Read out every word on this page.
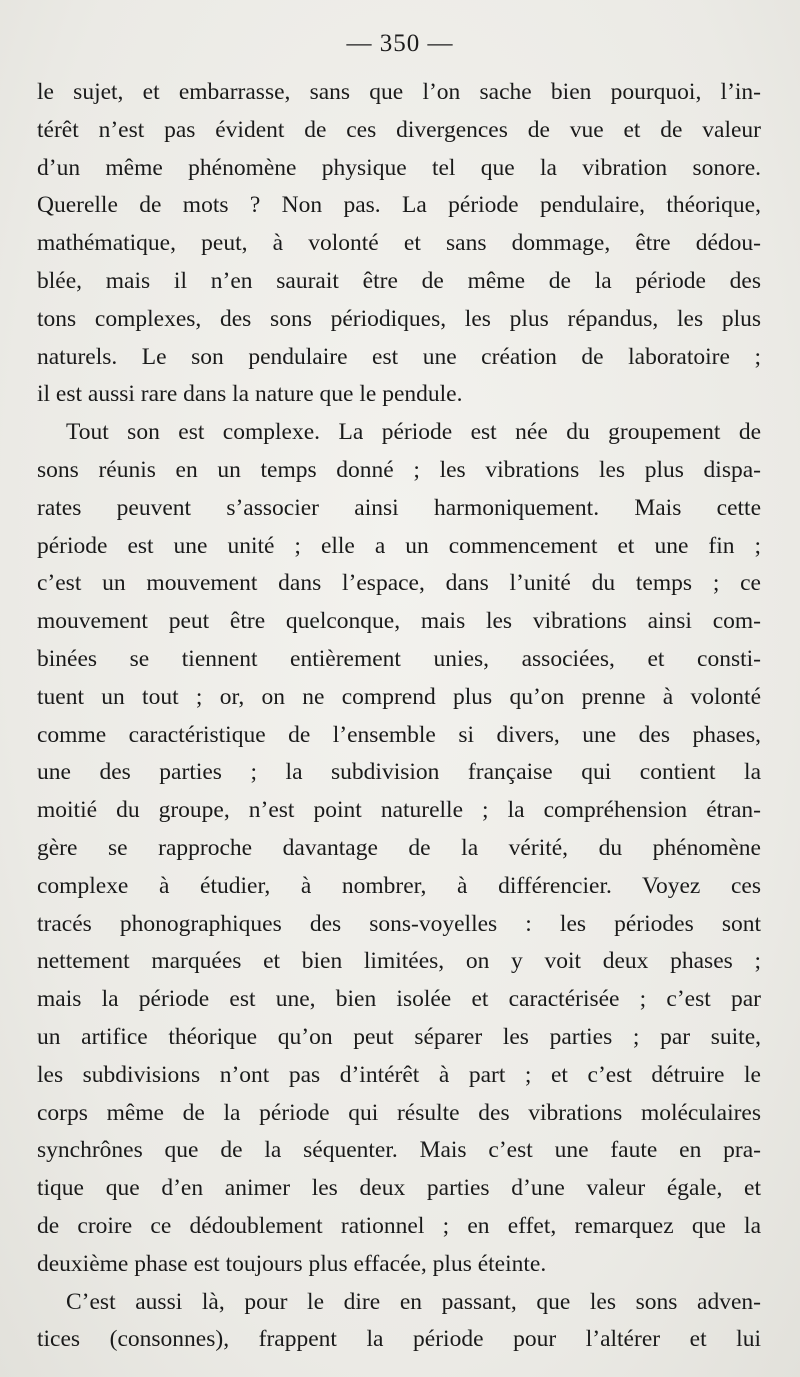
— 350 —
le sujet, et embarrasse, sans que l’on sache bien pourquoi, l’in-
térêt n’est pas évident de ces divergences de vue et de valeur
d’un même phénomène physique tel que la vibration sonore.
Querelle de mots ? Non pas. La période pendulaire, théorique,
mathématique, peut, à volonté et sans dommage, être dédou-
blée, mais il n’en saurait être de même de la période des
tons complexes, des sons périodiques, les plus répandus, les plus
naturels. Le son pendulaire est une création de laboratoire ;
il est aussi rare dans la nature que le pendule.
Tout son est complexe. La période est née du groupement de
sons réunis en un temps donné ; les vibrations les plus dispa-
rates peuvent s’associer ainsi harmoniquement. Mais cette
période est une unité ; elle a un commencement et une fin ;
c’est un mouvement dans l’espace, dans l’unité du temps ; ce
mouvement peut être quelconque, mais les vibrations ainsi com-
binées se tiennent entièrement unies, associées, et consti-
tuent un tout ; or, on ne comprend plus qu’on prenne à volonté
comme caractéristique de l’ensemble si divers, une des phases,
une des parties ; la subdivision française qui contient la
moitié du groupe, n’est point naturelle ; la compréhension étran-
gère se rapproche davantage de la vérité, du phénomène
complexe à étudier, à nombrer, à différencier. Voyez ces
tracés phonographiques des sons-voyelles : les périodes sont
nettement marquées et bien limitées, on y voit deux phases ;
mais la période est une, bien isolée et caractérisée ; c’est par
un artifice théorique qu’on peut séparer les parties ; par suite,
les subdivisions n’ont pas d’intérêt à part ; et c’est détruire le
corps même de la période qui résulte des vibrations moléculaires
synchrônes que de la séquenter. Mais c’est une faute en pra-
tique que d’en animer les deux parties d’une valeur égale, et
de croire ce dédoublement rationnel ; en effet, remarquez que la
deuxième phase est toujours plus effacée, plus éteinte.
C’est aussi là, pour le dire en passant, que les sons adven-
tices (consonnes), frappent la période pour l’altérer et lui
